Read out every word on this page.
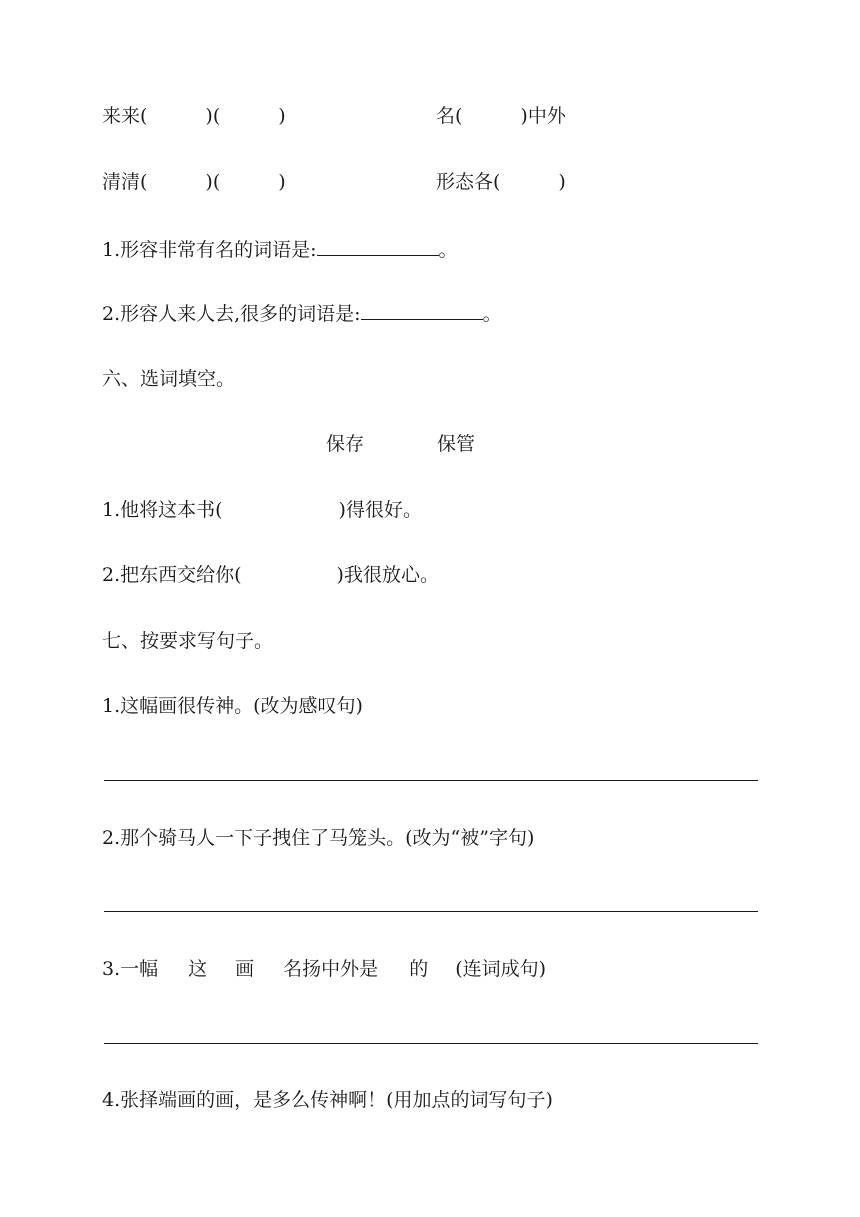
来来(	)(	)	名(	)中外
清清(	)(	)	形态各(	)
1.形容非常有名的词语是:	。
2.形容人来人去,很多的词语是:	。
六、选词填空。
保存	保管
1.他将这本书(	)得很好。
2.把东西交给你(	)我很放心。
七、按要求写句子。
1.这幅画很传神。(改为感叹句)
2.那个骑马人一下子拽住了马笼头。(改为“被”字句)
3.一幅 这 画 名扬中外是 的 (连词成句)
4.张择端画的画，是多么传神啊！(用加点的词写句子)
